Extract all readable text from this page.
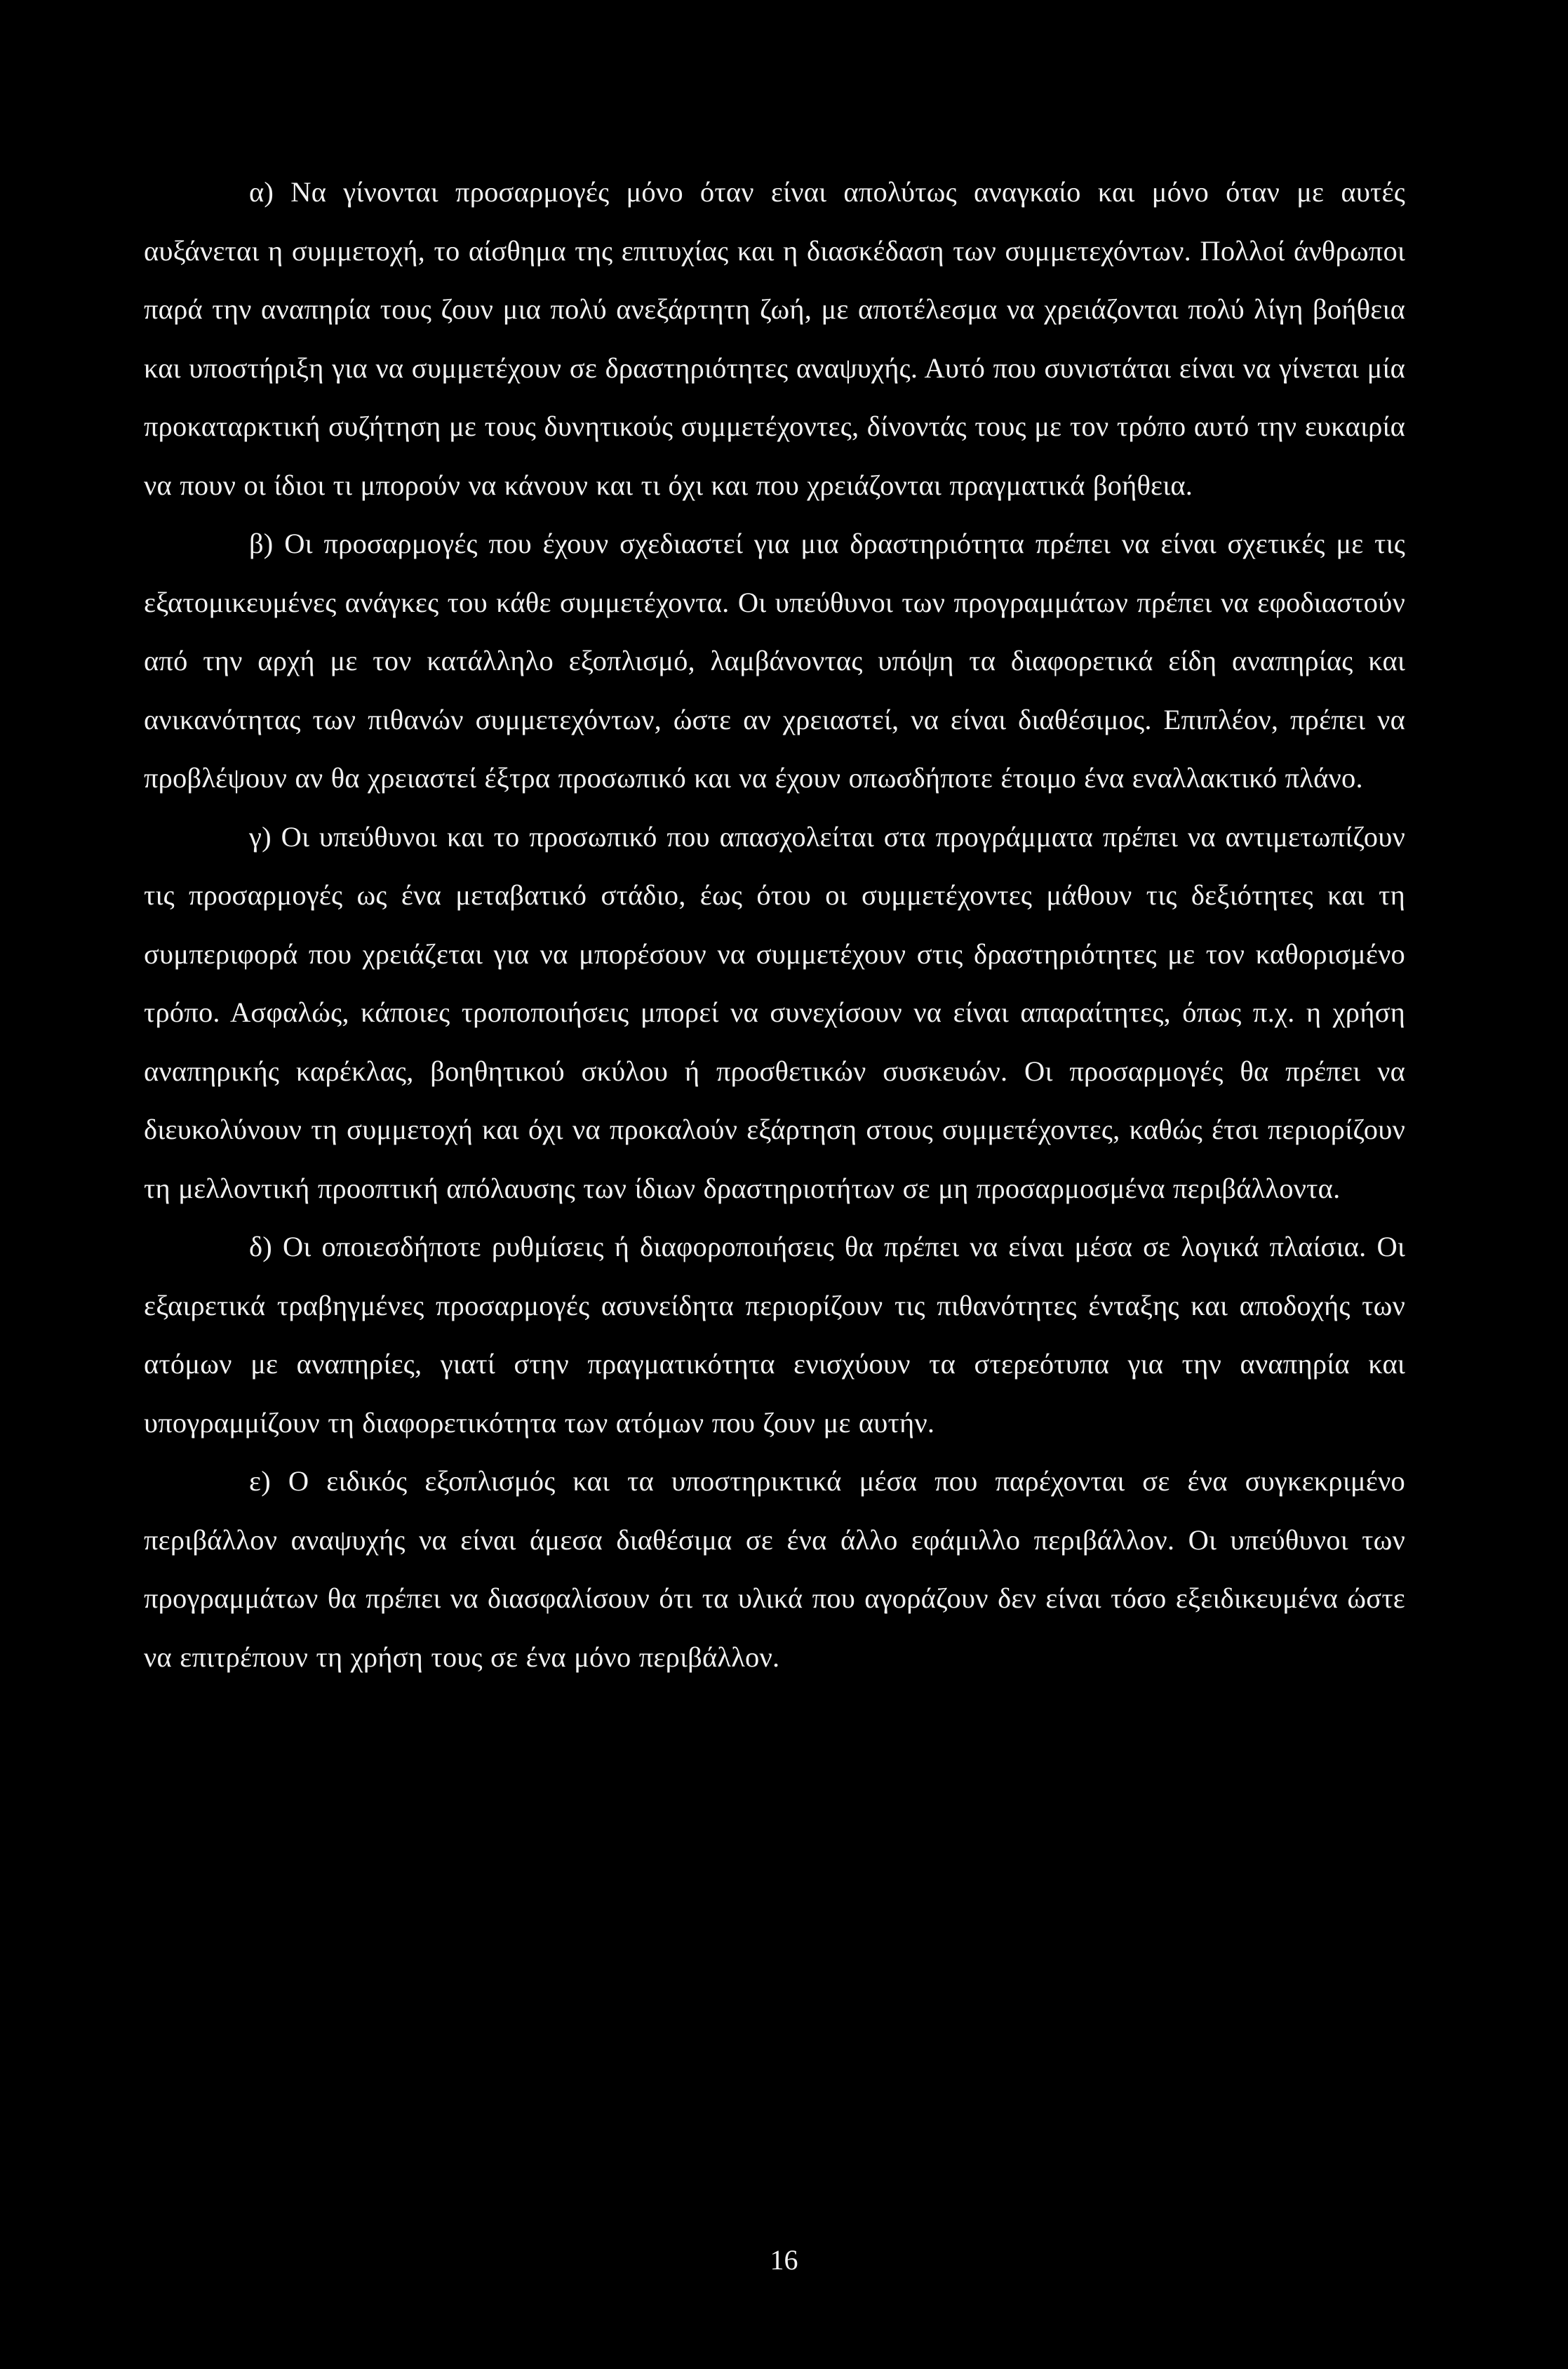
α) Να γίνονται προσαρμογές μόνο όταν είναι απολύτως αναγκαίο και μόνο όταν με αυτές αυξάνεται η συμμετοχή, το αίσθημα της επιτυχίας και η διασκέδαση των συμμετεχόντων. Πολλοί άνθρωποι παρά την αναπηρία τους ζουν μια πολύ ανεξάρτητη ζωή, με αποτέλεσμα να χρειάζονται πολύ λίγη βοήθεια και υποστήριξη για να συμμετέχουν σε δραστηριότητες αναψυχής. Αυτό που συνιστάται είναι να γίνεται μία προκαταρκτική συζήτηση με τους δυνητικούς συμμετέχοντες, δίνοντάς τους με τον τρόπο αυτό την ευκαιρία να πουν οι ίδιοι τι μπορούν να κάνουν και τι όχι και που χρειάζονται πραγματικά βοήθεια.

β) Οι προσαρμογές που έχουν σχεδιαστεί για μια δραστηριότητα πρέπει να είναι σχετικές με τις εξατομικευμένες ανάγκες του κάθε συμμετέχοντα. Οι υπεύθυνοι των προγραμμάτων πρέπει να εφοδιαστούν από την αρχή με τον κατάλληλο εξοπλισμό, λαμβάνοντας υπόψη τα διαφορετικά είδη αναπηρίας και ανικανότητας των πιθανών συμμετεχόντων, ώστε αν χρειαστεί, να είναι διαθέσιμος. Επιπλέον, πρέπει να προβλέψουν αν θα χρειαστεί έξτρα προσωπικό και να έχουν οπωσδήποτε έτοιμο ένα εναλλακτικό πλάνο.

γ) Οι υπεύθυνοι και το προσωπικό που απασχολείται στα προγράμματα πρέπει να αντιμετωπίζουν τις προσαρμογές ως ένα μεταβατικό στάδιο, έως ότου οι συμμετέχοντες μάθουν τις δεξιότητες και τη συμπεριφορά που χρειάζεται για να μπορέσουν να συμμετέχουν στις δραστηριότητες με τον καθορισμένο τρόπο. Ασφαλώς, κάποιες τροποποιήσεις μπορεί να συνεχίσουν να είναι απαραίτητες, όπως π.χ. η χρήση αναπηρικής καρέκλας, βοηθητικού σκύλου ή προσθετικών συσκευών. Οι προσαρμογές θα πρέπει να διευκολύνουν τη συμμετοχή και όχι να προκαλούν εξάρτηση στους συμμετέχοντες, καθώς έτσι περιορίζουν τη μελλοντική προοπτική απόλαυσης των ίδιων δραστηριοτήτων σε μη προσαρμοσμένα περιβάλλοντα.

δ) Οι οποιεσδήποτε ρυθμίσεις ή διαφοροποιήσεις θα πρέπει να είναι μέσα σε λογικά πλαίσια. Οι εξαιρετικά τραβηγμένες προσαρμογές ασυνείδητα περιορίζουν τις πιθανότητες ένταξης και αποδοχής των ατόμων με αναπηρίες, γιατί στην πραγματικότητα ενισχύουν τα στερεότυπα για την αναπηρία και υπογραμμίζουν τη διαφορετικότητα των ατόμων που ζουν με αυτήν.

ε) Ο ειδικός εξοπλισμός και τα υποστηρικτικά μέσα που παρέχονται σε ένα συγκεκριμένο περιβάλλον αναψυχής να είναι άμεσα διαθέσιμα σε ένα άλλο εφάμιλλο περιβάλλον. Οι υπεύθυνοι των προγραμμάτων θα πρέπει να διασφαλίσουν ότι τα υλικά που αγοράζουν δεν είναι τόσο εξειδικευμένα ώστε να επιτρέπουν τη χρήση τους σε ένα μόνο περιβάλλον.

16
